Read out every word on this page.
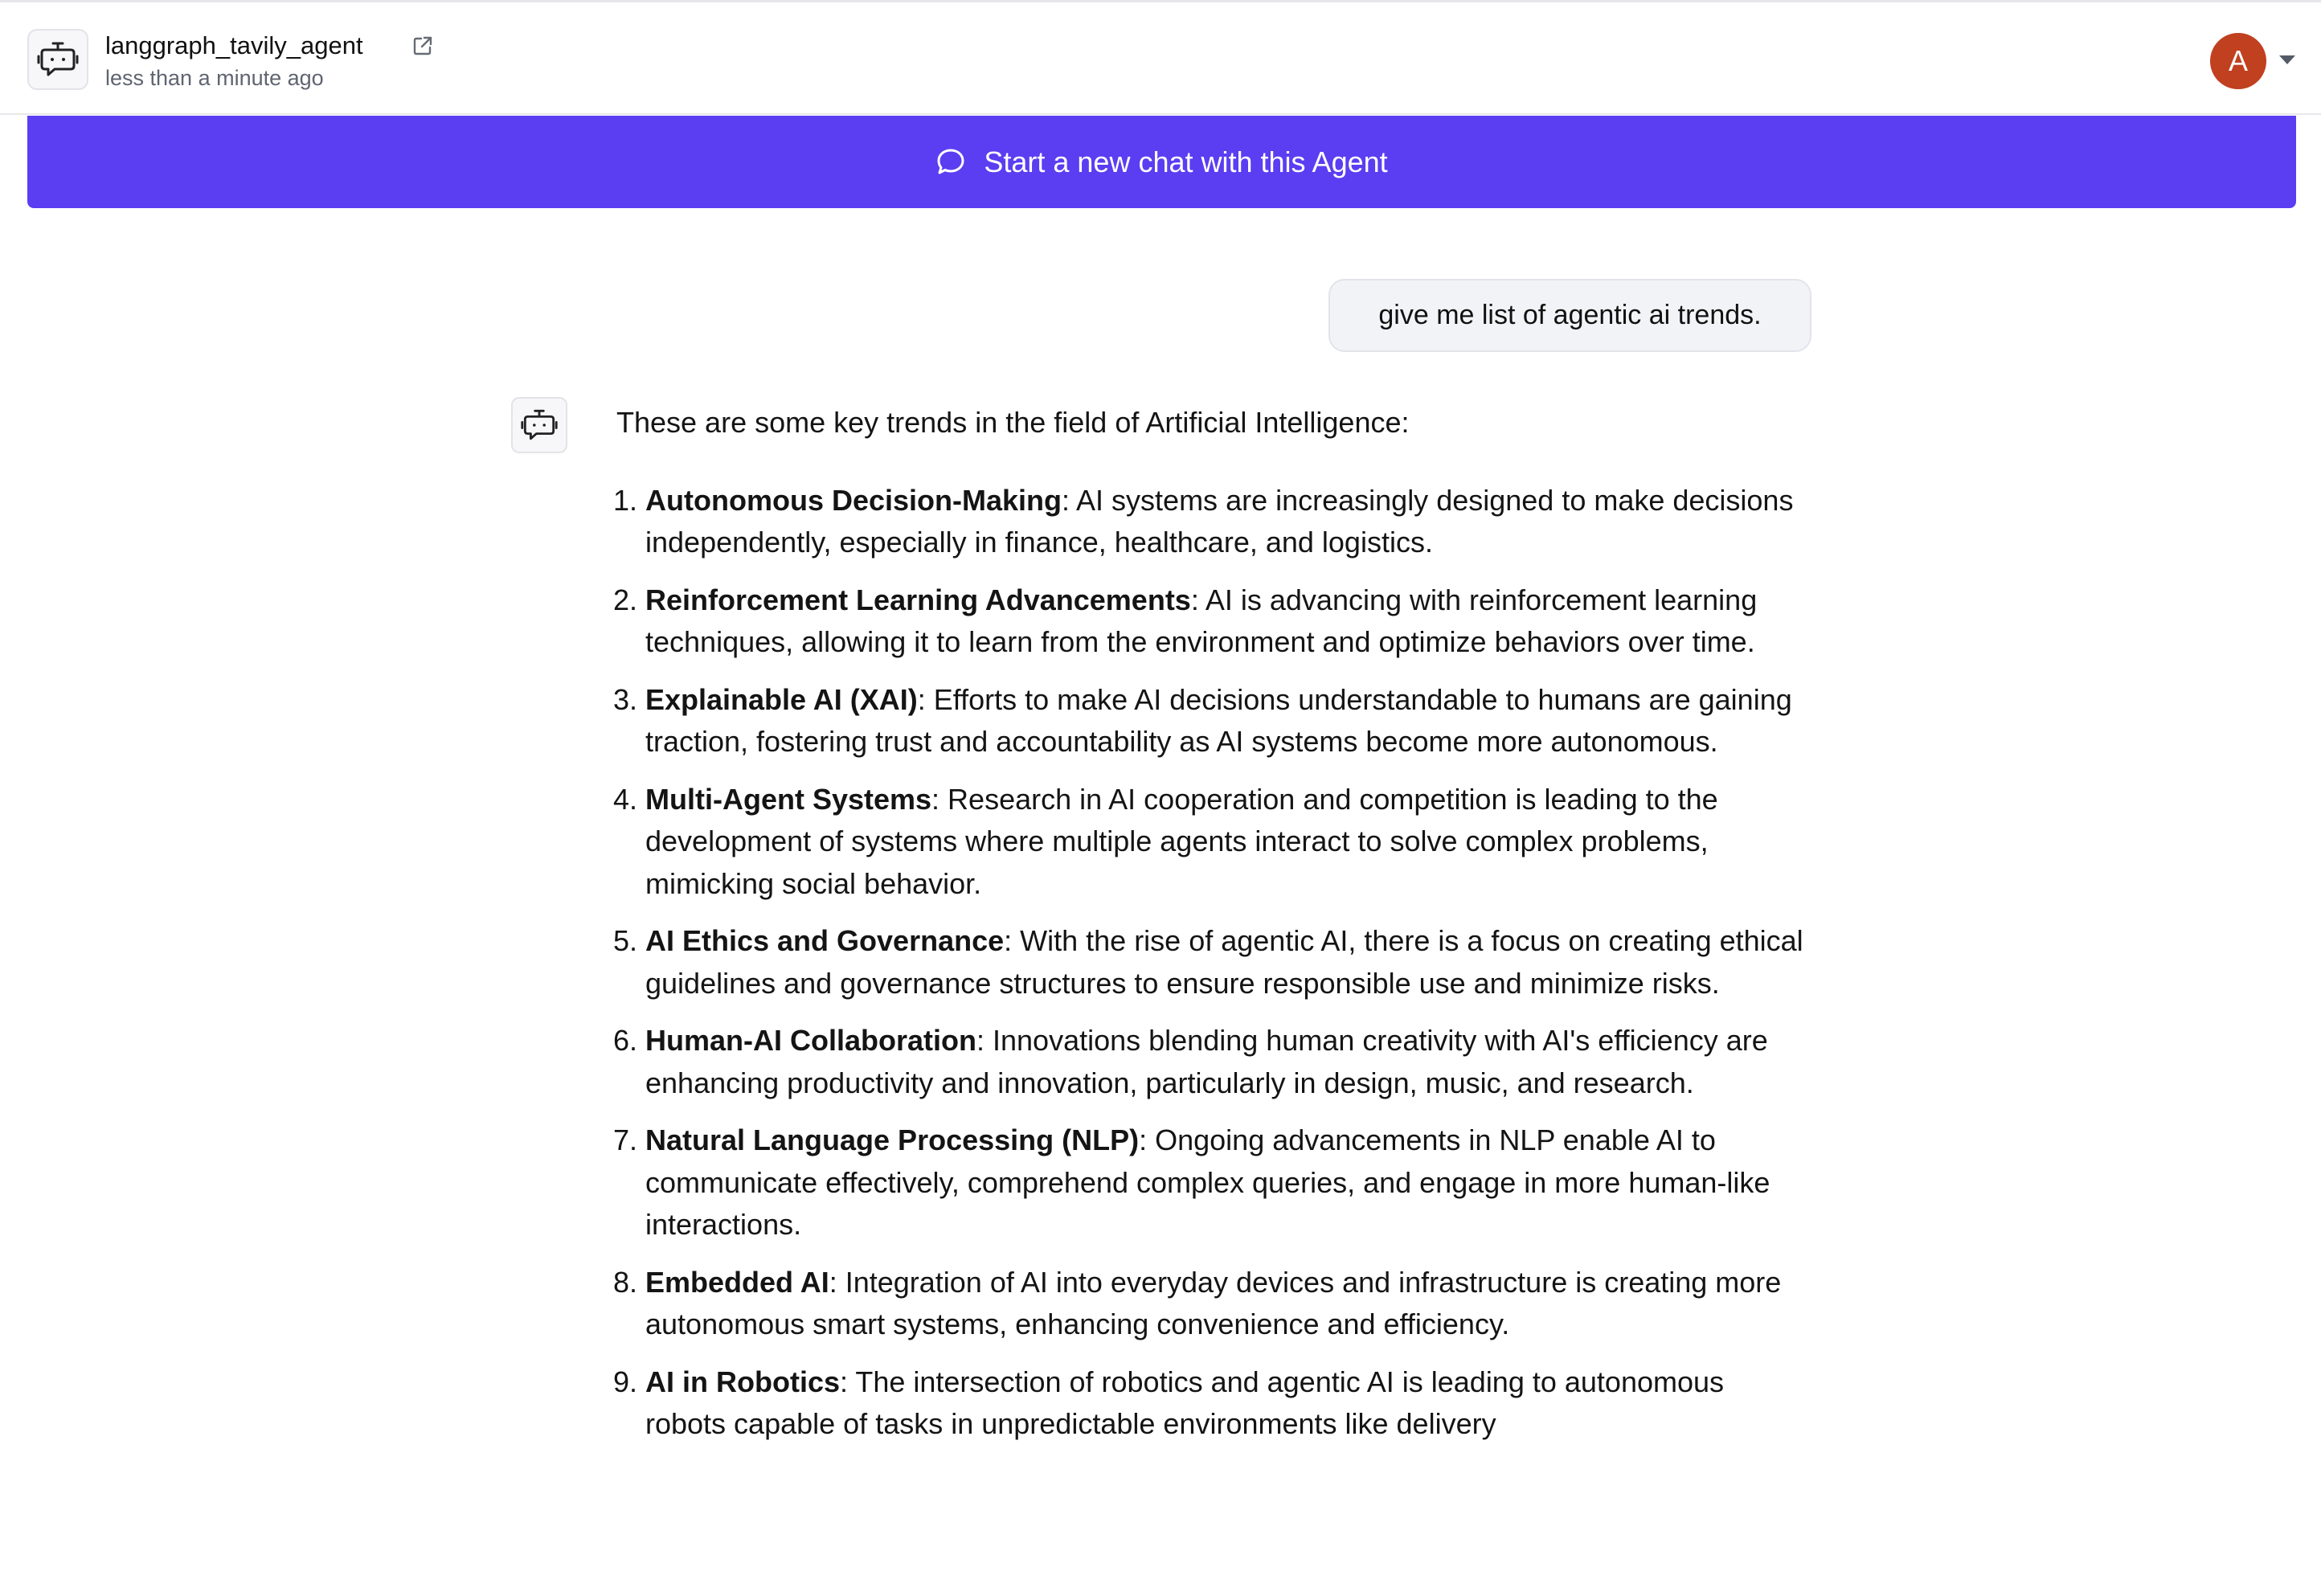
langgraph_tavily_agent
less than a minute ago
A
Start a new chat with this Agent
give me list of agentic ai trends.

These are some key trends in the field of Artificial Intelligence:

1. Autonomous Decision-Making: AI systems are increasingly designed to make decisions independently, especially in finance, healthcare, and logistics.
2. Reinforcement Learning Advancements: AI is advancing with reinforcement learning techniques, allowing it to learn from the environment and optimize behaviors over time.
3. Explainable AI (XAI): Efforts to make AI decisions understandable to humans are gaining traction, fostering trust and accountability as AI systems become more autonomous.
4. Multi-Agent Systems: Research in AI cooperation and competition is leading to the development of systems where multiple agents interact to solve complex problems, mimicking social behavior.
5. AI Ethics and Governance: With the rise of agentic AI, there is a focus on creating ethical guidelines and governance structures to ensure responsible use and minimize risks.
6. Human-AI Collaboration: Innovations blending human creativity with AI's efficiency are enhancing productivity and innovation, particularly in design, music, and research.
7. Natural Language Processing (NLP): Ongoing advancements in NLP enable AI to communicate effectively, comprehend complex queries, and engage in more human-like interactions.
8. Embedded AI: Integration of AI into everyday devices and infrastructure is creating more autonomous smart systems, enhancing convenience and efficiency.
9. AI in Robotics: The intersection of robotics and agentic AI is leading to autonomous robots capable of tasks in unpredictable environments like delivery
